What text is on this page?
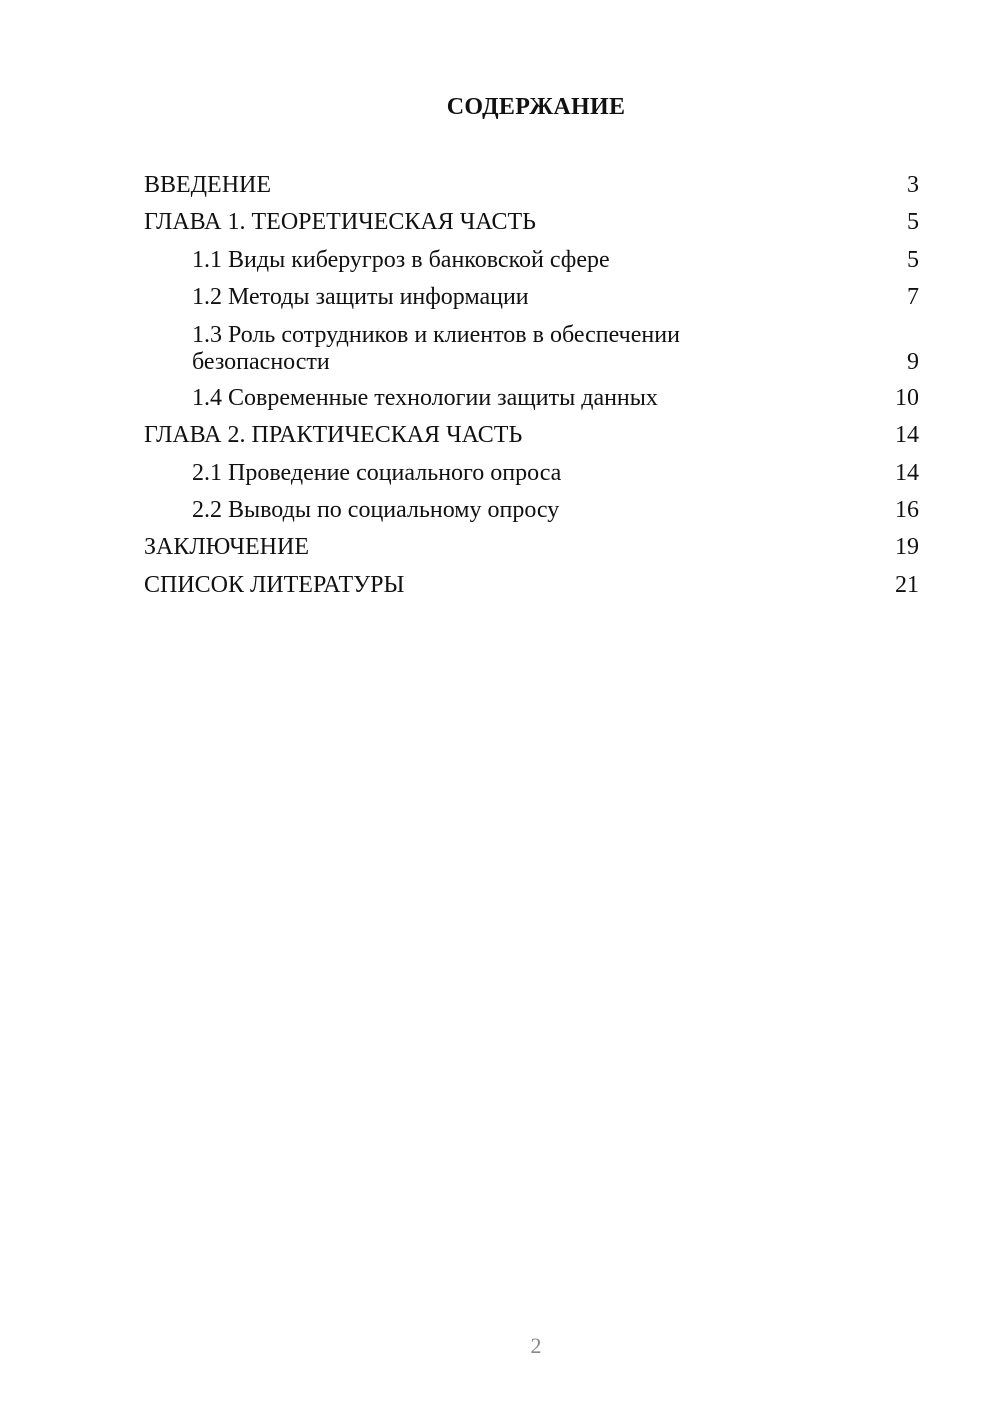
СОДЕРЖАНИЕ
ВВЕДЕНИЕ	3
ГЛАВА 1. ТЕОРЕТИЧЕСКАЯ ЧАСТЬ	5
1.1 Виды киберугроз в банковской сфере	5
1.2 Методы защиты информации	7
1.3 Роль сотрудников и клиентов в обеспечении
безопасности	9
1.4 Современные технологии защиты данных	10
ГЛАВА 2. ПРАКТИЧЕСКАЯ ЧАСТЬ	14
2.1 Проведение социального опроса	14
2.2 Выводы по социальному опросу	16
ЗАКЛЮЧЕНИЕ	19
СПИСОК ЛИТЕРАТУРЫ	21
2
